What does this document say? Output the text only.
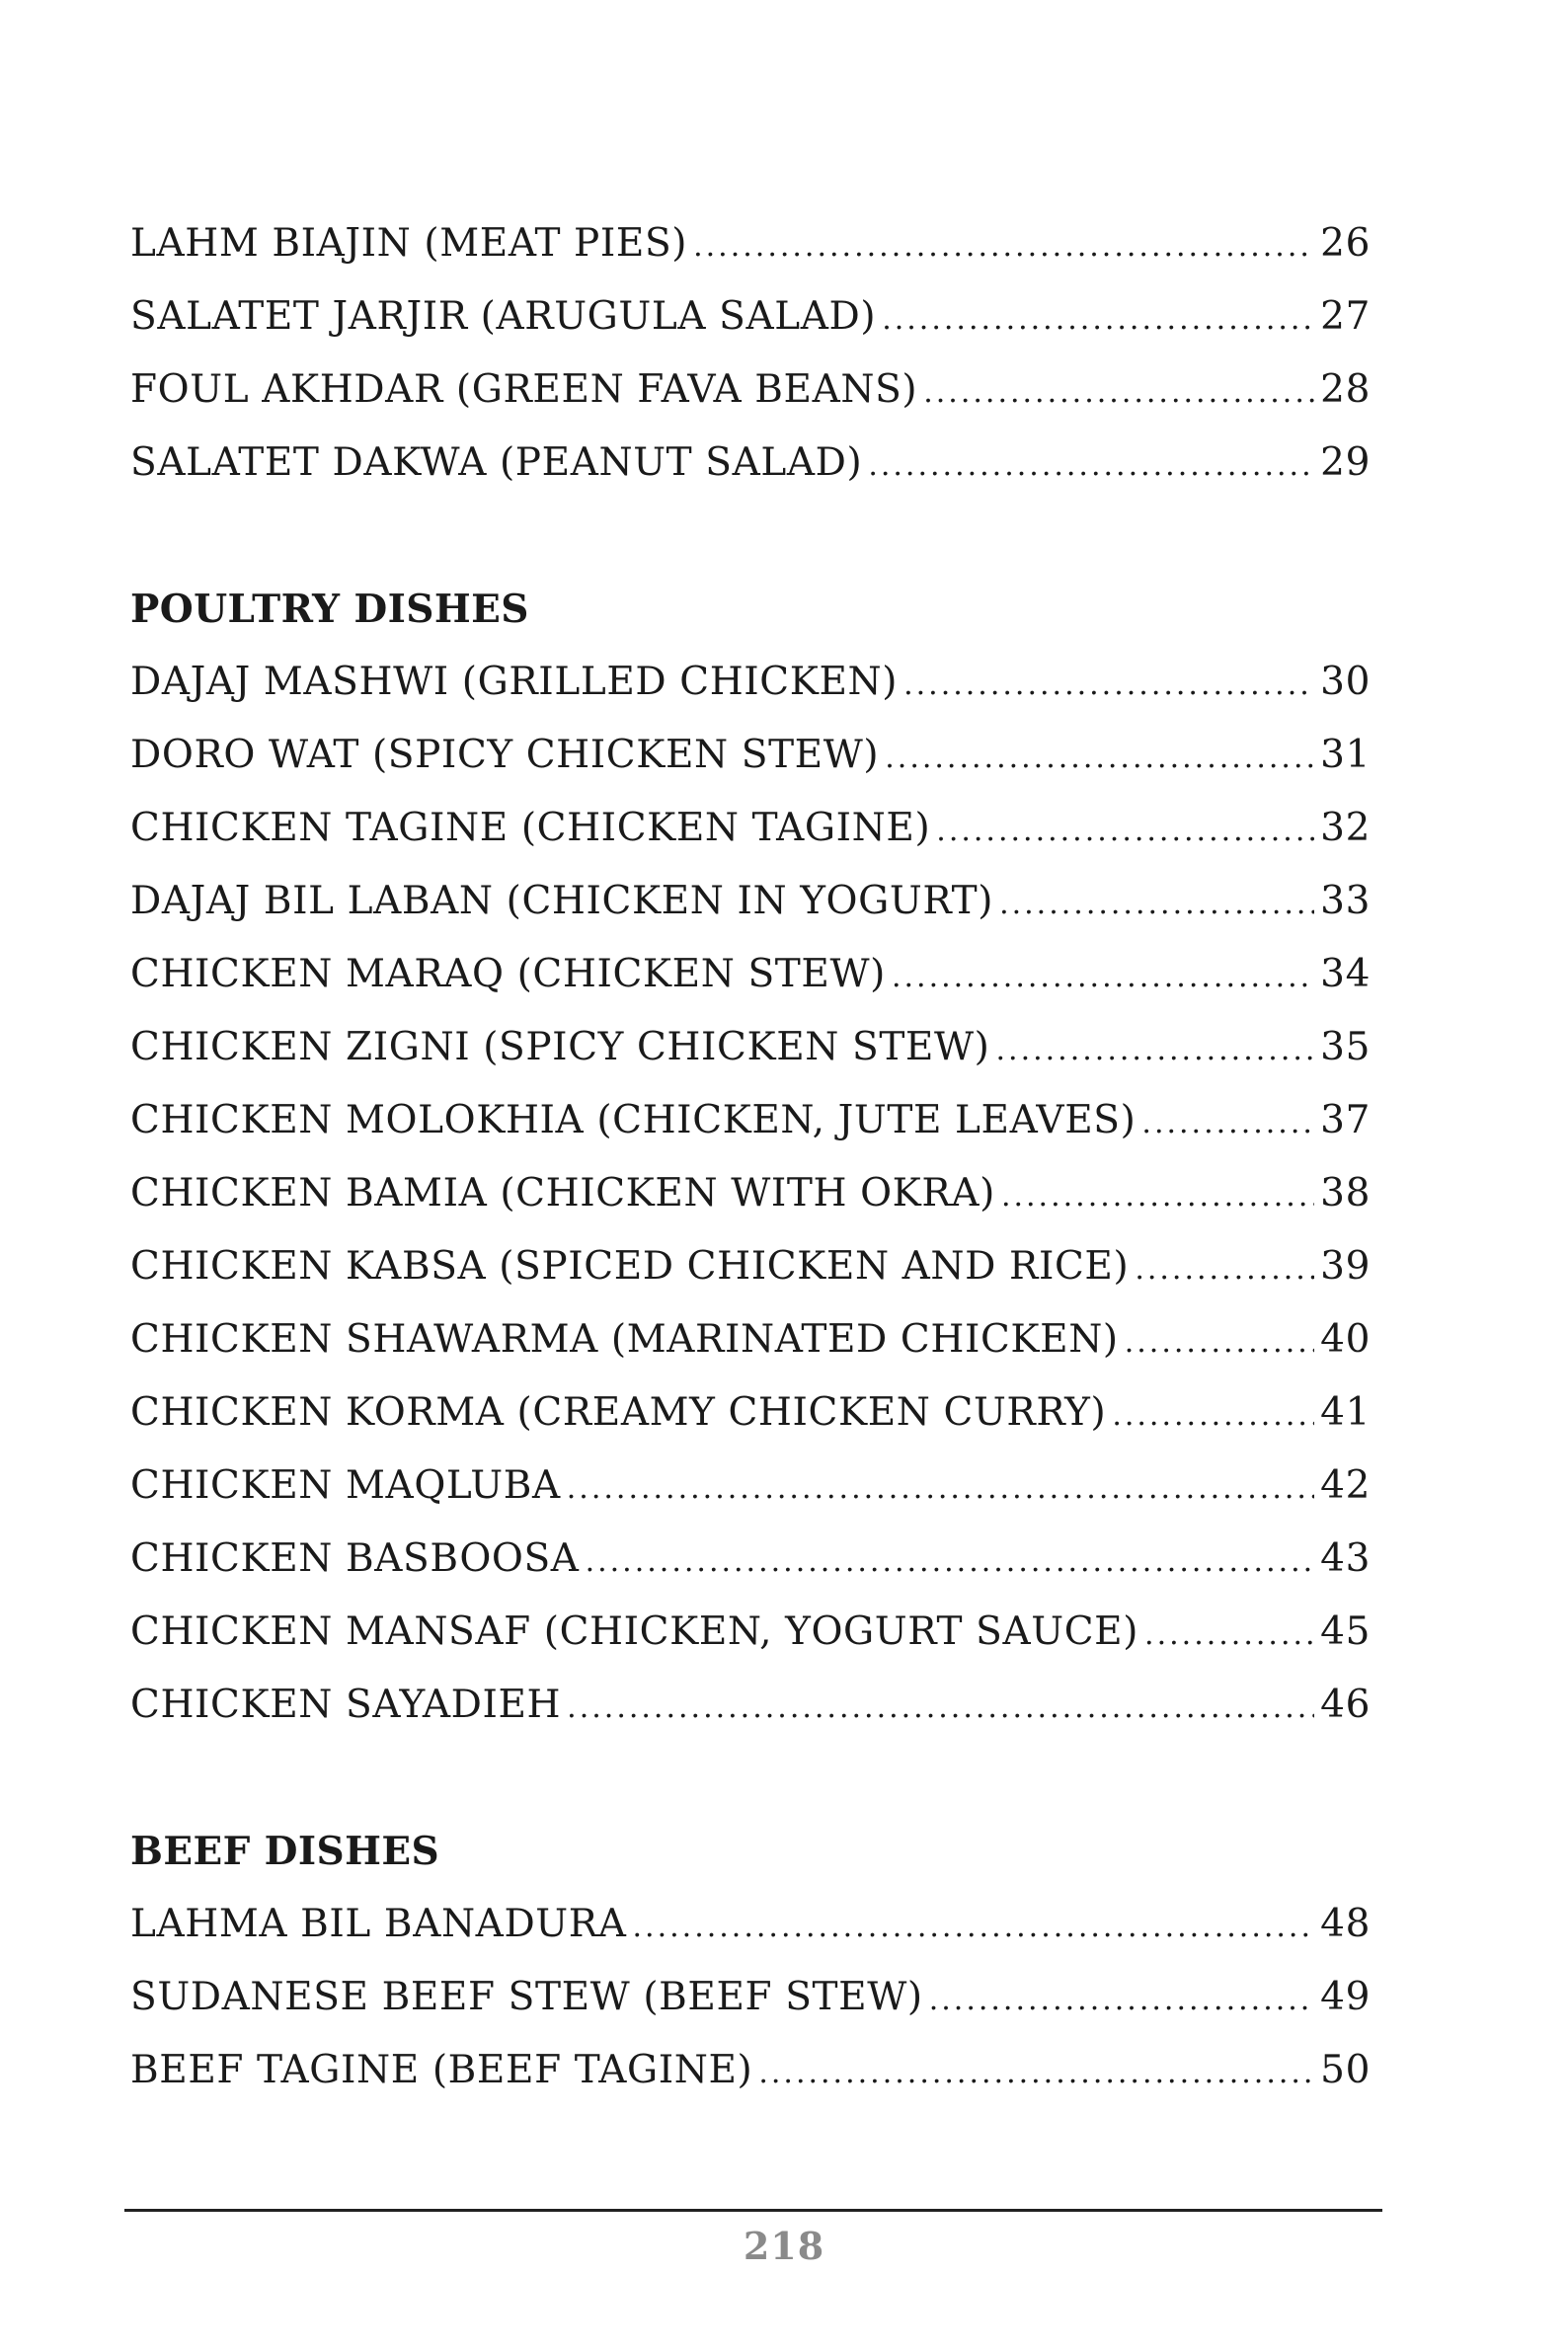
LAHM BIAJIN (MEAT PIES) .....	26
SALATET JARJIR (ARUGULA SALAD) .....	27
FOUL AKHDAR (GREEN FAVA BEANS) .....	28
SALATET DAKWA (PEANUT SALAD) .....	29
POULTRY DISHES
DAJAJ MASHWI (GRILLED CHICKEN) .....	30
DORO WAT (SPICY CHICKEN STEW) .....	31
CHICKEN TAGINE (CHICKEN TAGINE) .....	32
DAJAJ BIL LABAN (CHICKEN IN YOGURT) .....	33
CHICKEN MARAQ (CHICKEN STEW) .....	34
CHICKEN ZIGNI (SPICY CHICKEN STEW) .....	35
CHICKEN MOLOKHIA (CHICKEN, JUTE LEAVES) .....	37
CHICKEN BAMIA (CHICKEN WITH OKRA) .....	38
CHICKEN KABSA (SPICED CHICKEN AND RICE) .....	39
CHICKEN SHAWARMA (MARINATED CHICKEN) .....	40
CHICKEN KORMA (CREAMY CHICKEN CURRY) .....	41
CHICKEN MAQLUBA .....	42
CHICKEN BASBOOSA .....	43
CHICKEN MANSAF (CHICKEN, YOGURT SAUCE) .....	45
CHICKEN SAYADIEH .....	46
BEEF DISHES
LAHMA BIL BANADURA .....	48
SUDANESE BEEF STEW (BEEF STEW) .....	49
BEEF TAGINE (BEEF TAGINE) .....	50
218
